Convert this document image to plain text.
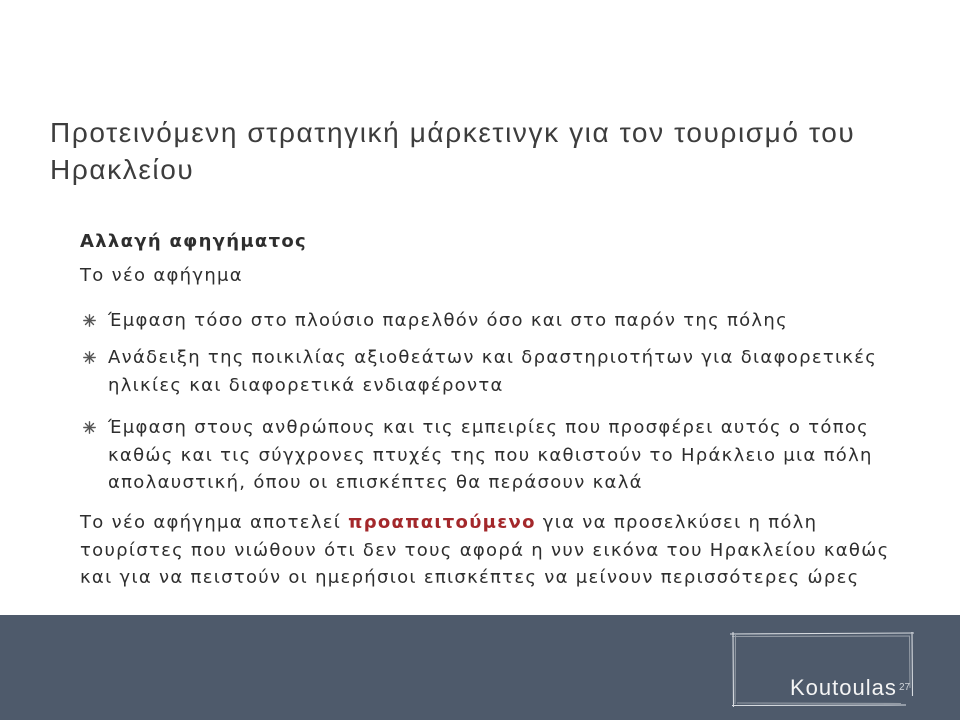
Προτεινόμενη στρατηγική μάρκετινγκ για τον τουρισμό του
Ηρακλείου

Αλλαγή αφηγήματος

Το νέο αφήγημα

Έμφαση τόσο στο πλούσιο παρελθόν όσο και στο παρόν της πόλης
Ανάδειξη της ποικιλίας αξιοθεάτων και δραστηριοτήτων για διαφορετικές
ηλικίες και διαφορετικά ενδιαφέροντα
Έμφαση στους ανθρώπους και τις εμπειρίες που προσφέρει αυτός ο τόπος
καθώς και τις σύγχρονες πτυχές της που καθιστούν το Ηράκλειο μια πόλη
απολαυστική, όπου οι επισκέπτες θα περάσουν καλά

Το νέο αφήγημα αποτελεί προαπαιτούμενο για να προσελκύσει η πόλη
τουρίστες που νιώθουν ότι δεν τους αφορά η νυν εικόνα του Ηρακλείου καθώς
και για να πειστούν οι ημερήσιοι επισκέπτες να μείνουν περισσότερες ώρες

Koutoulas 27
